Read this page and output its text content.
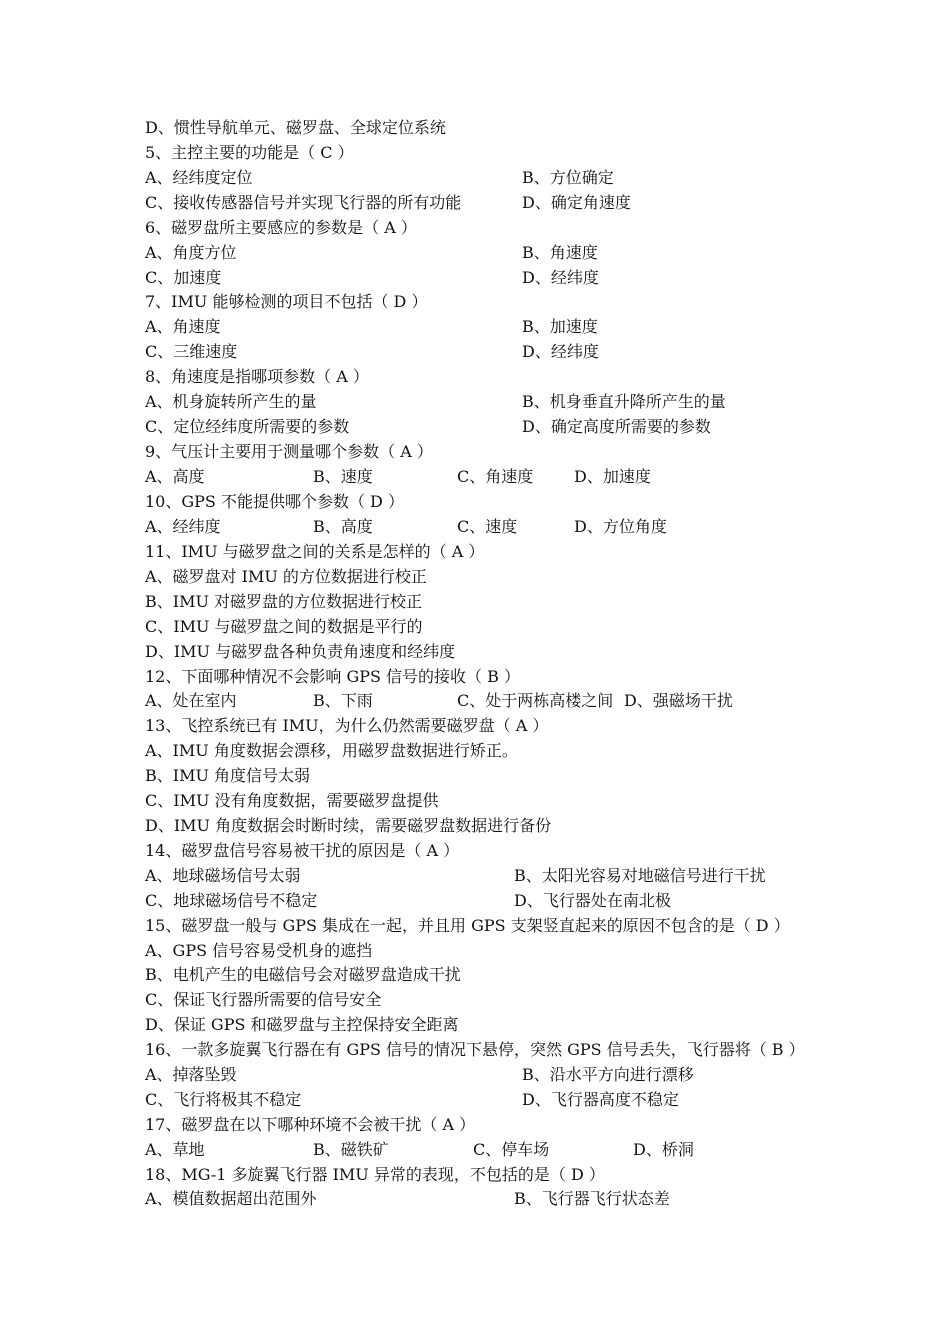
D、惯性导航单元、磁罗盘、全球定位系统
5、主控主要的功能是（ C ）
A、经纬度定位	B、方位确定
C、接收传感器信号并实现飞行器的所有功能	D、确定角速度
6、磁罗盘所主要感应的参数是（ A ）
A、角度方位	B、角速度
C、加速度	D、经纬度
7、IMU 能够检测的项目不包括（ D ）
A、角速度	B、加速度
C、三维速度	D、经纬度
8、角速度是指哪项参数（ A ）
A、机身旋转所产生的量	B、机身垂直升降所产生的量
C、定位经纬度所需要的参数	D、确定高度所需要的参数
9、气压计主要用于测量哪个参数（ A ）
A、高度	B、速度	C、角速度	D、加速度
10、GPS 不能提供哪个参数（ D ）
A、经纬度	B、高度	C、速度	D、方位角度
11、IMU 与磁罗盘之间的关系是怎样的（ A ）
A、磁罗盘对 IMU 的方位数据进行校正
B、IMU 对磁罗盘的方位数据进行校正
C、IMU 与磁罗盘之间的数据是平行的
D、IMU 与磁罗盘各种负责角速度和经纬度
12、下面哪种情况不会影响 GPS 信号的接收（ B ）
A、处在室内	B、下雨	C、处于两栋高楼之间 D、强磁场干扰
13、飞控系统已有 IMU，为什么仍然需要磁罗盘（ A ）
A、IMU 角度数据会漂移，用磁罗盘数据进行矫正。
B、IMU 角度信号太弱
C、IMU 没有角度数据，需要磁罗盘提供
D、IMU 角度数据会时断时续，需要磁罗盘数据进行备份
14、磁罗盘信号容易被干扰的原因是（ A ）
A、地球磁场信号太弱	B、太阳光容易对地磁信号进行干扰
C、地球磁场信号不稳定	D、飞行器处在南北极
15、磁罗盘一般与 GPS 集成在一起，并且用 GPS 支架竖直起来的原因不包含的是（ D ）
A、GPS 信号容易受机身的遮挡
B、电机产生的电磁信号会对磁罗盘造成干扰
C、保证飞行器所需要的信号安全
D、保证 GPS 和磁罗盘与主控保持安全距离
16、一款多旋翼飞行器在有 GPS 信号的情况下悬停，突然 GPS 信号丢失，飞行器将（ B ）
A、掉落坠毁	B、沿水平方向进行漂移
C、飞行将极其不稳定	D、飞行器高度不稳定
17、磁罗盘在以下哪种环境不会被干扰（ A ）
A、草地	B、磁铁矿	C、停车场	D、桥洞
18、MG-1 多旋翼飞行器 IMU 异常的表现，不包括的是（ D ）
A、模值数据超出范围外	B、飞行器飞行状态差
